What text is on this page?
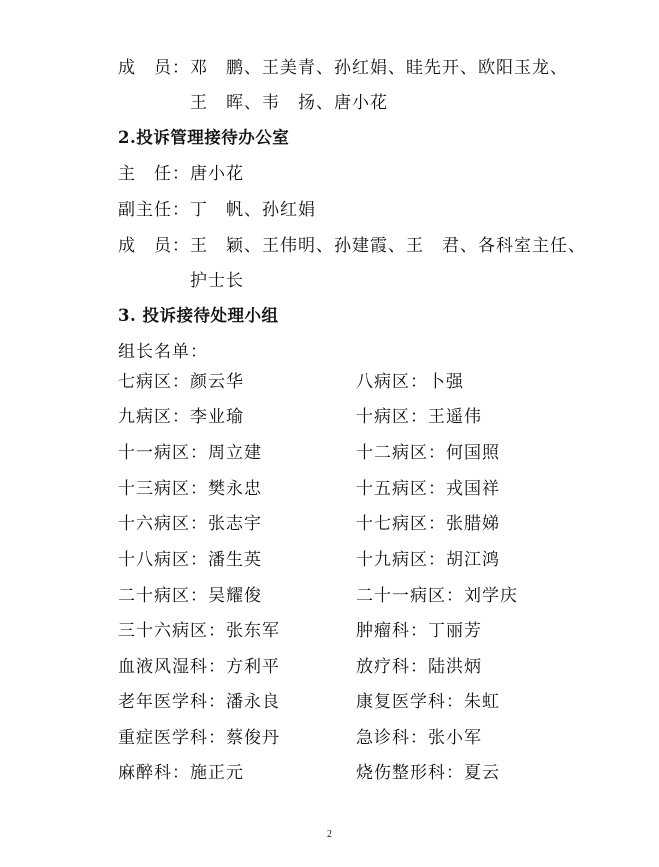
成　员：邓　鹏、王美青、孙红娟、眭先开、欧阳玉龙、
王　晖、韦　扬、唐小花
2.投诉管理接待办公室
主　任：唐小花
副主任：丁　帆、孙红娟
成　员：王　颖、王伟明、孙建霞、王　君、各科室主任、
护士长
3. 投诉接待处理小组
组长名单：
七病区：颜云华	八病区：卜强
九病区：李业瑜	十病区：王遥伟
十一病区：周立建	十二病区：何国照
十三病区：樊永忠	十五病区：戎国祥
十六病区：张志宇	十七病区：张腊娣
十八病区：潘生英	十九病区：胡江鸿
二十病区：吴耀俊	二十一病区：刘学庆
三十六病区：张东军	肿瘤科：丁丽芳
血液风湿科：方利平	放疗科：陆洪炳
老年医学科：潘永良	康复医学科：朱虹
重症医学科：蔡俊丹	急诊科：张小军
麻醉科：施正元	烧伤整形科：夏云
2
